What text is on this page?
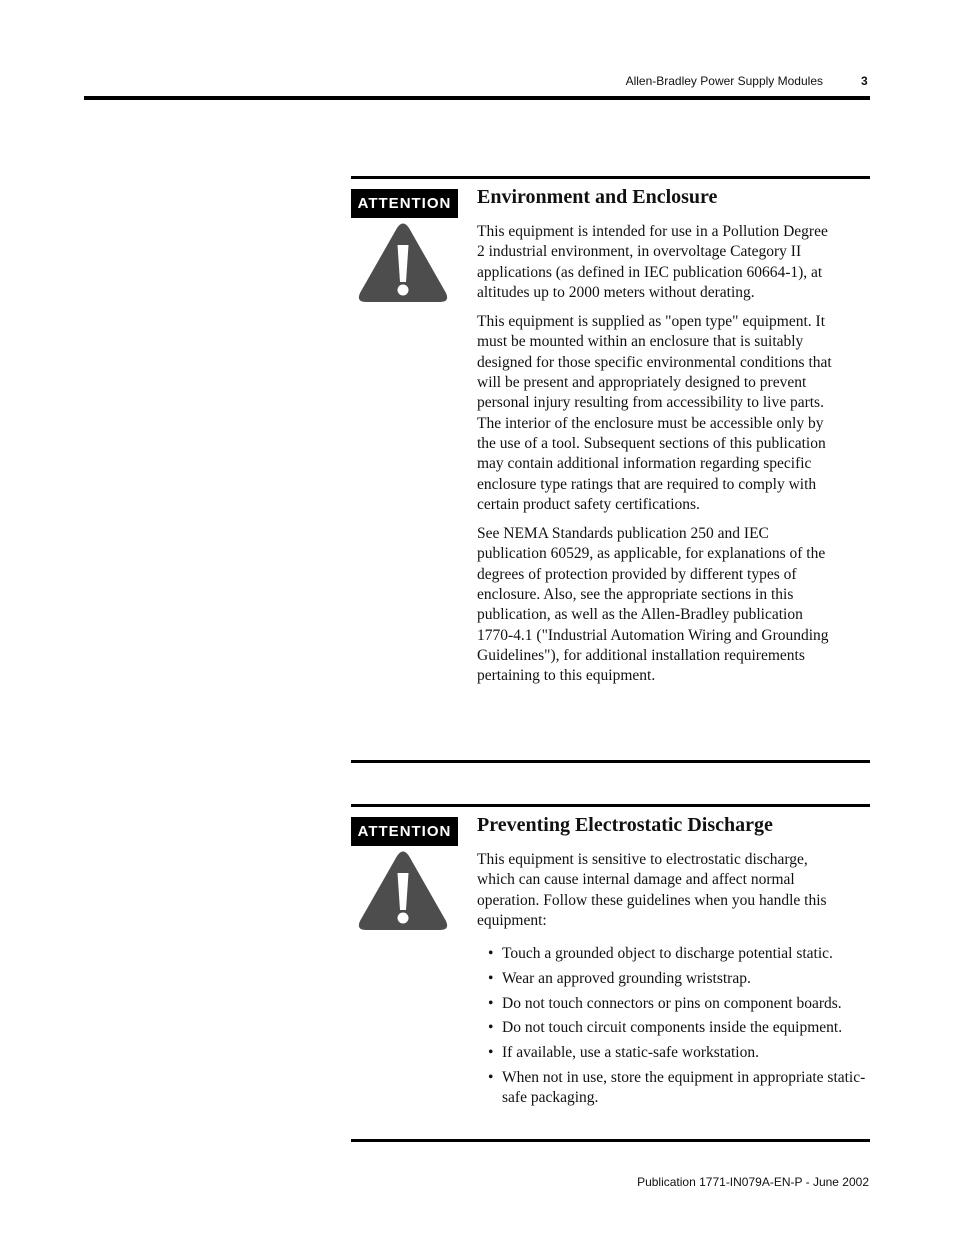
Allen-Bradley Power Supply Modules	3
ATTENTION	Environment and Enclosure

This equipment is intended for use in a Pollution Degree 2 industrial environment, in overvoltage Category II applications (as defined in IEC publication 60664-1), at altitudes up to 2000 meters without derating.

This equipment is supplied as "open type" equipment. It must be mounted within an enclosure that is suitably designed for those specific environmental conditions that will be present and appropriately designed to prevent personal injury resulting from accessibility to live parts. The interior of the enclosure must be accessible only by the use of a tool. Subsequent sections of this publication may contain additional information regarding specific enclosure type ratings that are required to comply with certain product safety certifications.

See NEMA Standards publication 250 and IEC publication 60529, as applicable, for explanations of the degrees of protection provided by different types of enclosure. Also, see the appropriate sections in this publication, as well as the Allen-Bradley publication 1770-4.1 ("Industrial Automation Wiring and Grounding Guidelines"), for additional installation requirements pertaining to this equipment.

ATTENTION	Preventing Electrostatic Discharge

This equipment is sensitive to electrostatic discharge, which can cause internal damage and affect normal operation. Follow these guidelines when you handle this equipment:

• Touch a grounded object to discharge potential static.
• Wear an approved grounding wriststrap.
• Do not touch connectors or pins on component boards.
• Do not touch circuit components inside the equipment.
• If available, use a static-safe workstation.
• When not in use, store the equipment in appropriate static-safe packaging.
Publication 1771-IN079A-EN-P - June 2002
